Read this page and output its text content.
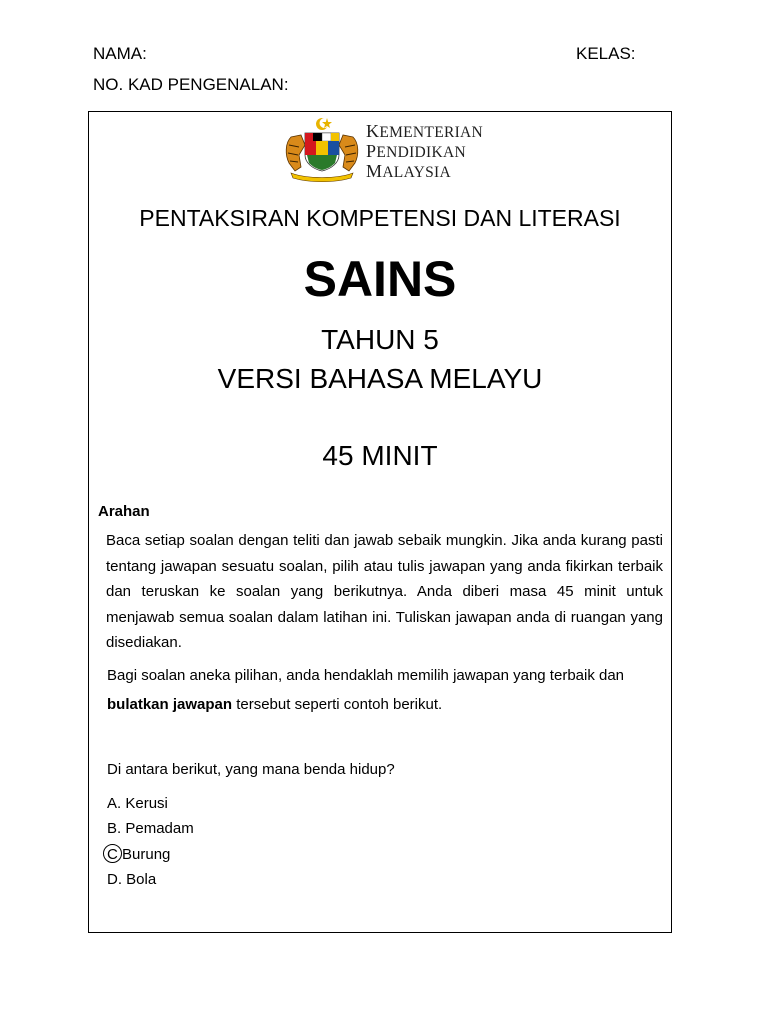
NAMA:	KELAS:
NO. KAD PENGENALAN:
KEMENTERIAN
PENDIDIKAN
MALAYSIA
PENTAKSIRAN KOMPETENSI DAN LITERASI
SAINS
TAHUN 5
VERSI BAHASA MELAYU
45 MINIT
Arahan
Baca setiap soalan dengan teliti dan jawab sebaik mungkin. Jika anda kurang pasti tentang jawapan sesuatu soalan, pilih atau tulis jawapan yang anda fikirkan terbaik dan teruskan ke soalan yang berikutnya. Anda diberi masa 45 minit untuk menjawab semua soalan dalam latihan ini. Tuliskan jawapan anda di ruangan yang disediakan.
Bagi soalan aneka pilihan, anda hendaklah memilih jawapan yang terbaik dan
bulatkan jawapan tersebut seperti contoh berikut.
Di antara berikut, yang mana benda hidup?
A. Kerusi
B. Pemadam
C Burung
D. Bola
